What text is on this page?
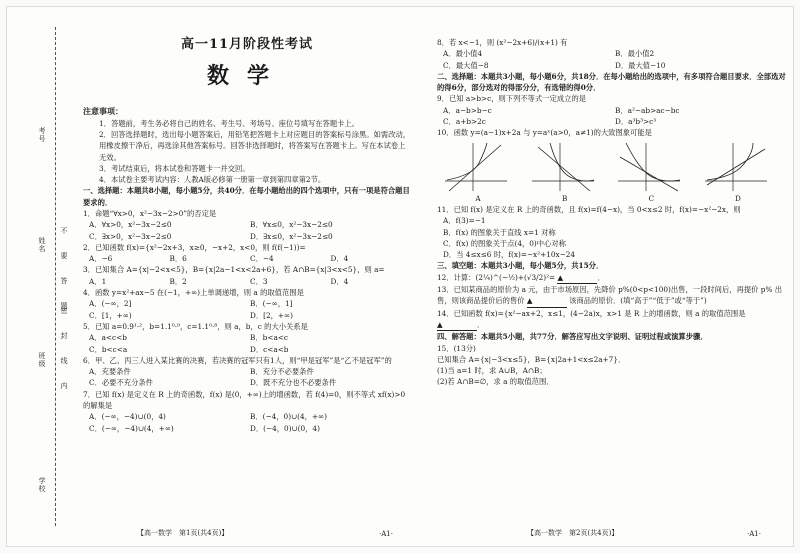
考号
姓名 不要答题
密封线内
班级
学校
高一11月阶段性考试
数学

注意事项：

1．答题前，考生务必将自己的姓名、考生号、考场号、座位号填写在答题卡上。

2．回答选择题时，选出每小题答案后，用铅笔把答题卡上对应题目的答案标号涂黑。如需改动，用橡皮擦干净后，再选涂其他答案标号。回答非选择题时，将答案写在答题卡上。写在本试卷上无效。

3．考试结束后，将本试卷和答题卡一并交回。

4．本试卷主要考试内容：人教A版必修第一册第一章到第四章第2节。

一、选择题：本题共8小题，每小题5分，共40分．在每小题给出的四个选项中，只有一项是符合题目要求的．

1．命题“∀x>0，x²−3x−2>0”的否定是

A．∀x>0，x²−3x−2≤0	B．∀x≤0，x²−3x−2≤0
C．∃x>0，x²−3x−2≤0	D．∃x≤0，x²−3x−2≤0

2．已知函数 f(x)={x²−2x+3，x≥0，−x+2，x<0，则 f(f(−1))=

A．−6	B．6	C．−4	D．4

3．已知集合 A={x|−2<x<5}，B={x|2a−1<x<2a+6}，若 A∩B={x|3<x<5}，则 a=

A．1	B．2	C．3	D．4

4．函数 y=x²+ax−5 在(−1，+∞)上单调递增，则 a 的取值范围是

A．(−∞，2]	B．(−∞，1]
C．[1，+∞)	D．[2，+∞)

5．已知 a=0.9¹·²，b=1.1⁰·⁹，c=1.1⁰·⁸，则 a，b，c 的大小关系是

A．a<c<b	B．b<a<c
C．b<c<a	D．c<a<b

6．甲、乙、丙三人进入某比赛的决赛，若决赛的冠军只有1人，则“甲是冠军”是“乙不是冠军”的

A．充要条件	B．充分不必要条件
C．必要不充分条件	D．既不充分也不必要条件

7．已知 f(x) 是定义在 R 上的奇函数，f(x) 是(0，+∞)上的增函数，若 f(4)=0，则不等式 xf(x)>0 的解集是

A．(−∞，−4)∪(0，4)	B．(−4，0)∪(4，+∞)
C．(−∞，−4)∪(4，+∞)	D．(−4，0)∪(0，4)
【高一数学　第1页(共4页)】	·A1·

8．若 x<−1，则 (x²−2x+6)/(x+1) 有

A．最小值4	B．最小值2
C．最大值−8	D．最大值−10

二、选择题：本题共3小题，每小题6分，共18分．在每小题给出的选项中，有多项符合题目要求．全部选对的得6分，部分选对的得部分分，有选错的得0分．

9．已知 a>b>c，则下列不等式一定成立的是

A．a−b>b−c	B．a²−ab>ac−bc
C．a+b>2c	D．a³b³>c³

10．函数 y=(a−1)x+2a 与 y=aˣ(a>0，a≠1)的大致图象可能是

A	B	C	D

11．已知 f(x) 是定义在 R 上的奇函数，且 f(x)=f(4−x)，当 0<x≤2 时，f(x)=−x²−2x，则

A．f(3)=−1

B．f(x) 的图象关于直线 x=1 对称

C．f(x) 的图象关于点(4，0)中心对称

D．当 4≤x≤6 时，f(x)=−x²+10x−24

三、填空题：本题共3小题，每小题5分，共15分．

12．计算：(2¼)^(−½)+(√3/2)²= ▲	．

13．已知某商品的原价为 a 元，由于市场原因，先降价 p%(0<p<100)出售，一段时间后，再提价 p% 出售，则该商品提价后的售价 ▲	该商品的原价．(填“高于”“低于”或“等于”)

14．已知函数 f(x)={x²−ax+2，x≤1，(4−2a)x，x>1 是 R 上的增函数，则 a 的取值范围是 ▲	．

四、解答题：本题共5小题，共77分．解答应写出文字说明、证明过程或演算步骤．

15．(13分)

已知集合 A={x|−3<x≤5}，B={x|2a+1<x≤2a+7}．

(1)当 a=1 时，求 A∪B，A∩B；

(2)若 A∩B=∅，求 a 的取值范围．

【高一数学　第2页(共4页)】	·A1·
